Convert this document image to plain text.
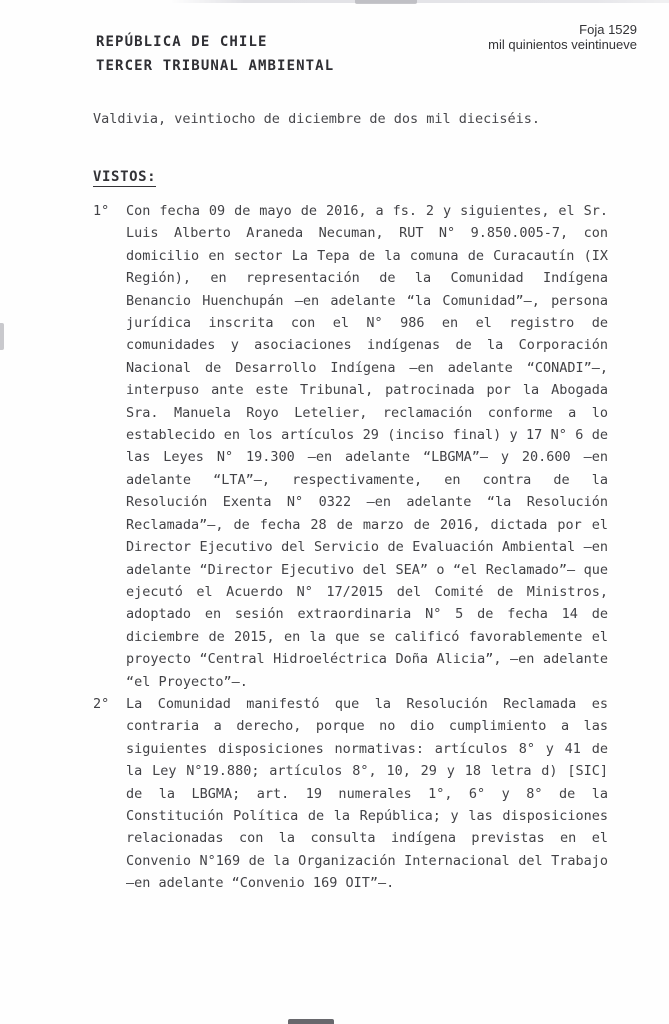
REPÚBLICA DE CHILE
TERCER TRIBUNAL AMBIENTAL
Foja 1529
mil quinientos veintinueve
Valdivia, veintiocho de diciembre de dos mil dieciséis.
VISTOS:
1°	Con fecha 09 de mayo de 2016, a fs. 2 y siguientes, el Sr. Luis Alberto Araneda Necuman, RUT N° 9.850.005-7, con domicilio en sector La Tepa de la comuna de Curacautín (IX Región), en representación de la Comunidad Indígena Benancio Huenchupán –en adelante “la Comunidad”–, persona jurídica inscrita con el N° 986 en el registro de comunidades y asociaciones indígenas de la Corporación Nacional de Desarrollo Indígena –en adelante “CONADI”–, interpuso ante este Tribunal, patrocinada por la Abogada Sra. Manuela Royo Letelier, reclamación conforme a lo establecido en los artículos 29 (inciso final) y 17 N° 6 de las Leyes N° 19.300 –en adelante “LBGMA”– y 20.600 –en adelante “LTA”–, respectivamente, en contra de la Resolución Exenta N° 0322 –en adelante “la Resolución Reclamada”–, de fecha 28 de marzo de 2016, dictada por el Director Ejecutivo del Servicio de Evaluación Ambiental –en adelante “Director Ejecutivo del SEA” o “el Reclamado”– que ejecutó el Acuerdo N° 17/2015 del Comité de Ministros, adoptado en sesión extraordinaria N° 5 de fecha 14 de diciembre de 2015, en la que se calificó favorablemente el proyecto “Central Hidroeléctrica Doña Alicia”, –en adelante “el Proyecto”–.
2°	La Comunidad manifestó que la Resolución Reclamada es contraria a derecho, porque no dio cumplimiento a las siguientes disposiciones normativas: artículos 8° y 41 de la Ley N°19.880; artículos 8°, 10, 29 y 18 letra d) [SIC] de la LBGMA; art. 19 numerales 1°, 6° y 8° de la Constitución Política de la República; y las disposiciones relacionadas con la consulta indígena previstas en el Convenio N°169 de la Organización Internacional del Trabajo –en adelante “Convenio 169 OIT”–.
